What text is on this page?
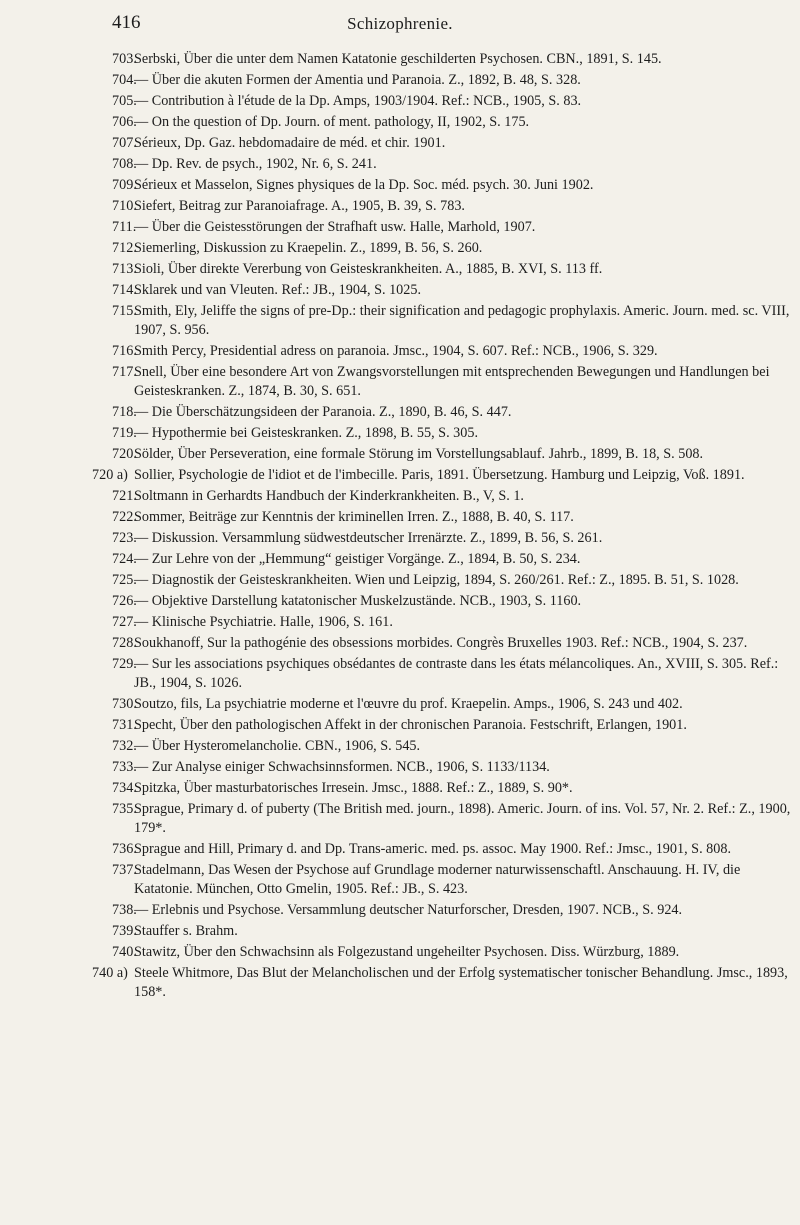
416	Schizophrenie.
703.
Serbski, Über die unter dem Namen Katatonie geschilderten Psychosen. CBN., 1891, S. 145.
704.
— Über die akuten Formen der Amentia und Paranoia. Z., 1892, B. 48, S. 328.
705.
— Contribution à l'étude de la Dp. Amps, 1903/1904. Ref.: NCB., 1905, S. 83.
706.
— On the question of Dp. Journ. of ment. pathology, II, 1902, S. 175.
707.
Sérieux, Dp. Gaz. hebdomadaire de méd. et chir. 1901.
708.
— Dp. Rev. de psych., 1902, Nr. 6, S. 241.
709.
Sérieux et Masselon, Signes physiques de la Dp. Soc. méd. psych. 30. Juni 1902.
710.
Siefert, Beitrag zur Paranoiafrage. A., 1905, B. 39, S. 783.
711.
— Über die Geistesstörungen der Strafhaft usw. Halle, Marhold, 1907.
712.
Siemerling, Diskussion zu Kraepelin. Z., 1899, B. 56, S. 260.
713.
Sioli, Über direkte Vererbung von Geisteskrankheiten. A., 1885, B. XVI, S. 113 ff.
714.
Sklarek und van Vleuten. Ref.: JB., 1904, S. 1025.
715.
Smith, Ely, Jeliffe the signs of pre-Dp.: their signification and pedagogic prophylaxis. Americ. Journ. med. sc. VIII, 1907, S. 956.
716.
Smith Percy, Presidential adress on paranoia. Jmsc., 1904, S. 607. Ref.: NCB., 1906, S. 329.
717.
Snell, Über eine besondere Art von Zwangsvorstellungen mit entsprechenden Bewegungen und Handlungen bei Geisteskranken. Z., 1874, B. 30, S. 651.
718.
— Die Überschätzungsideen der Paranoia. Z., 1890, B. 46, S. 447.
719.
— Hypothermie bei Geisteskranken. Z., 1898, B. 55, S. 305.
720.
Sölder, Über Perseveration, eine formale Störung im Vorstellungsablauf. Jahrb., 1899, B. 18, S. 508.
720 a) Sollier, Psychologie de l'idiot et de l'imbecille. Paris, 1891. Übersetzung. Hamburg und Leipzig, Voß. 1891.
721.
Soltmann in Gerhardts Handbuch der Kinderkrankheiten. B., V, S. 1.
722.
Sommer, Beiträge zur Kenntnis der kriminellen Irren. Z., 1888, B. 40, S. 117.
723.
— Diskussion. Versammlung südwestdeutscher Irrenärzte. Z., 1899, B. 56, S. 261.
724.
— Zur Lehre von der „Hemmung“ geistiger Vorgänge. Z., 1894, B. 50, S. 234.
725.
— Diagnostik der Geisteskrankheiten. Wien und Leipzig, 1894, S. 260/261. Ref.: Z., 1895. B. 51, S. 1028.
726.
— Objektive Darstellung katatonischer Muskelzustände. NCB., 1903, S. 1160.
727.
— Klinische Psychiatrie. Halle, 1906, S. 161.
728.
Soukhanoff, Sur la pathogénie des obsessions morbides. Congrès Bruxelles 1903. Ref.: NCB., 1904, S. 237.
729.
— Sur les associations psychiques obsédantes de contraste dans les états mélancoliques. An., XVIII, S. 305. Ref.: JB., 1904, S. 1026.
730.
Soutzo, fils, La psychiatrie moderne et l'œuvre du prof. Kraepelin. Amps., 1906, S. 243 und 402.
731.
Specht, Über den pathologischen Affekt in der chronischen Paranoia. Festschrift, Erlangen, 1901.
732.
— Über Hysteromelancholie. CBN., 1906, S. 545.
733.
— Zur Analyse einiger Schwachsinnsformen. NCB., 1906, S. 1133/1134.
734.
Spitzka, Über masturbatorisches Irresein. Jmsc., 1888. Ref.: Z., 1889, S. 90*.
735.
Sprague, Primary d. of puberty (The British med. journ., 1898). Americ. Journ. of ins. Vol. 57, Nr. 2. Ref.: Z., 1900, 179*.
736.
Sprague and Hill, Primary d. and Dp. Trans-americ. med. ps. assoc. May 1900. Ref.: Jmsc., 1901, S. 808.
737.
Stadelmann, Das Wesen der Psychose auf Grundlage moderner naturwissenschaftl. Anschauung. H. IV, die Katatonie. München, Otto Gmelin, 1905. Ref.: JB., S. 423.
738.
— Erlebnis und Psychose. Versammlung deutscher Naturforscher, Dresden, 1907. NCB., S. 924.
739.
Stauffer s. Brahm.
740.
Stawitz, Über den Schwachsinn als Folgezustand ungeheilter Psychosen. Diss. Würzburg, 1889.
740 a) Steele Whitmore, Das Blut der Melancholischen und der Erfolg systematischer tonischer Behandlung. Jmsc., 1893, 158*.
